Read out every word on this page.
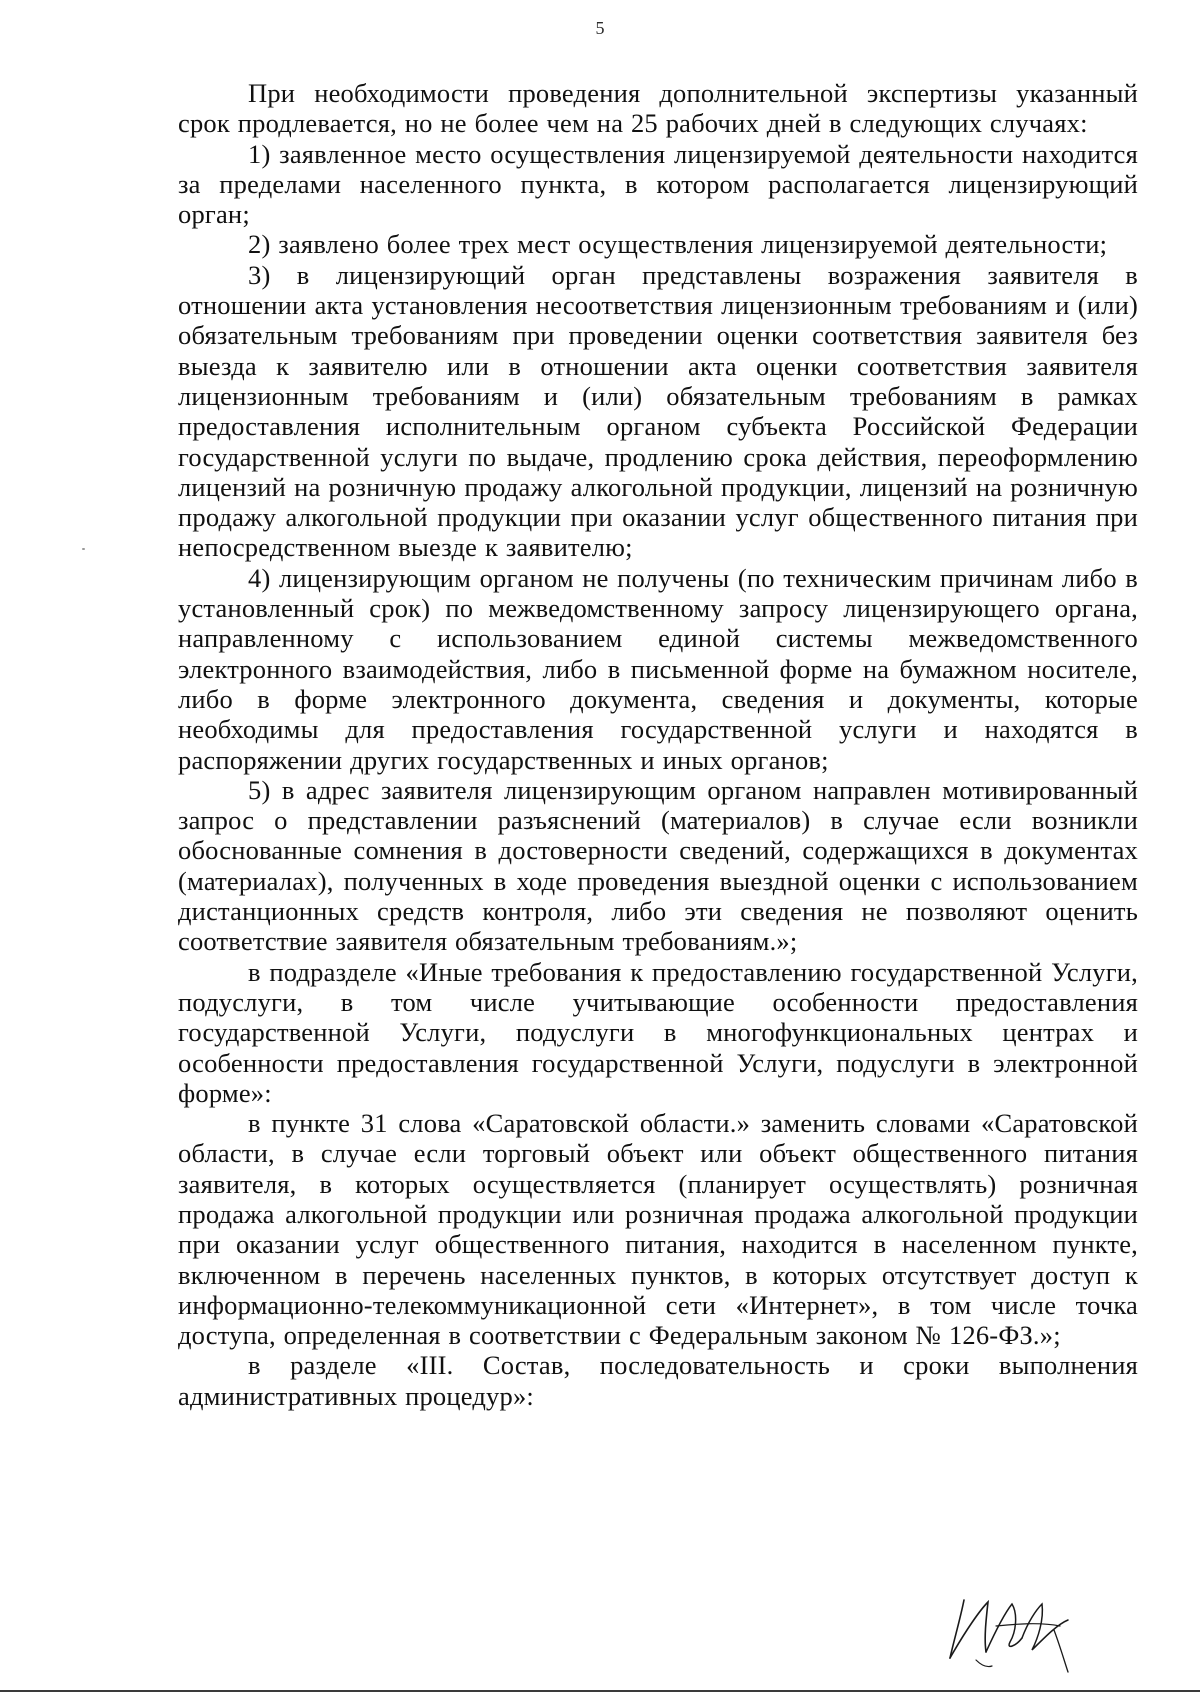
5

При необходимости проведения дополнительной экспертизы указанный срок продлевается, но не более чем на 25 рабочих дней в следующих случаях:

1) заявленное место осуществления лицензируемой деятельности находится за пределами населенного пункта, в котором располагается лицензирующий орган;

2) заявлено более трех мест осуществления лицензируемой деятельности;

3) в лицензирующий орган представлены возражения заявителя в отношении акта установления несоответствия лицензионным требованиям и (или) обязательным требованиям при проведении оценки соответствия заявителя без выезда к заявителю или в отношении акта оценки соответствия заявителя лицензионным требованиям и (или) обязательным требованиям в рамках предоставления исполнительным органом субъекта Российской Федерации государственной услуги по выдаче, продлению срока действия, переоформлению лицензий на розничную продажу алкогольной продукции, лицензий на розничную продажу алкогольной продукции при оказании услуг общественного питания при непосредственном выезде к заявителю;

4) лицензирующим органом не получены (по техническим причинам либо в установленный срок) по межведомственному запросу лицензирующего органа, направленному с использованием единой системы межведомственного электронного взаимодействия, либо в письменной форме на бумажном носителе, либо в форме электронного документа, сведения и документы, которые необходимы для предоставления государственной услуги и находятся в распоряжении других государственных и иных органов;

5) в адрес заявителя лицензирующим органом направлен мотивированный запрос о представлении разъяснений (материалов) в случае если возникли обоснованные сомнения в достоверности сведений, содержащихся в документах (материалах), полученных в ходе проведения выездной оценки с использованием дистанционных средств контроля, либо эти сведения не позволяют оценить соответствие заявителя обязательным требованиям.»;

в подразделе «Иные требования к предоставлению государственной Услуги, подуслуги, в том числе учитывающие особенности предоставления государственной Услуги, подуслуги в многофункциональных центрах и особенности предоставления государственной Услуги, подуслуги в электронной форме»:

в пункте 31 слова «Саратовской области.» заменить словами «Саратовской области, в случае если торговый объект или объект общественного питания заявителя, в которых осуществляется (планирует осуществлять) розничная продажа алкогольной продукции или розничная продажа алкогольной продукции при оказании услуг общественного питания, находится в населенном пункте, включенном в перечень населенных пунктов, в которых отсутствует доступ к информационно-телекоммуникационной сети «Интернет», в том числе точка доступа, определенная в соответствии с Федеральным законом № 126-ФЗ.»;

в разделе «III. Состав, последовательность и сроки выполнения административных процедур»:
